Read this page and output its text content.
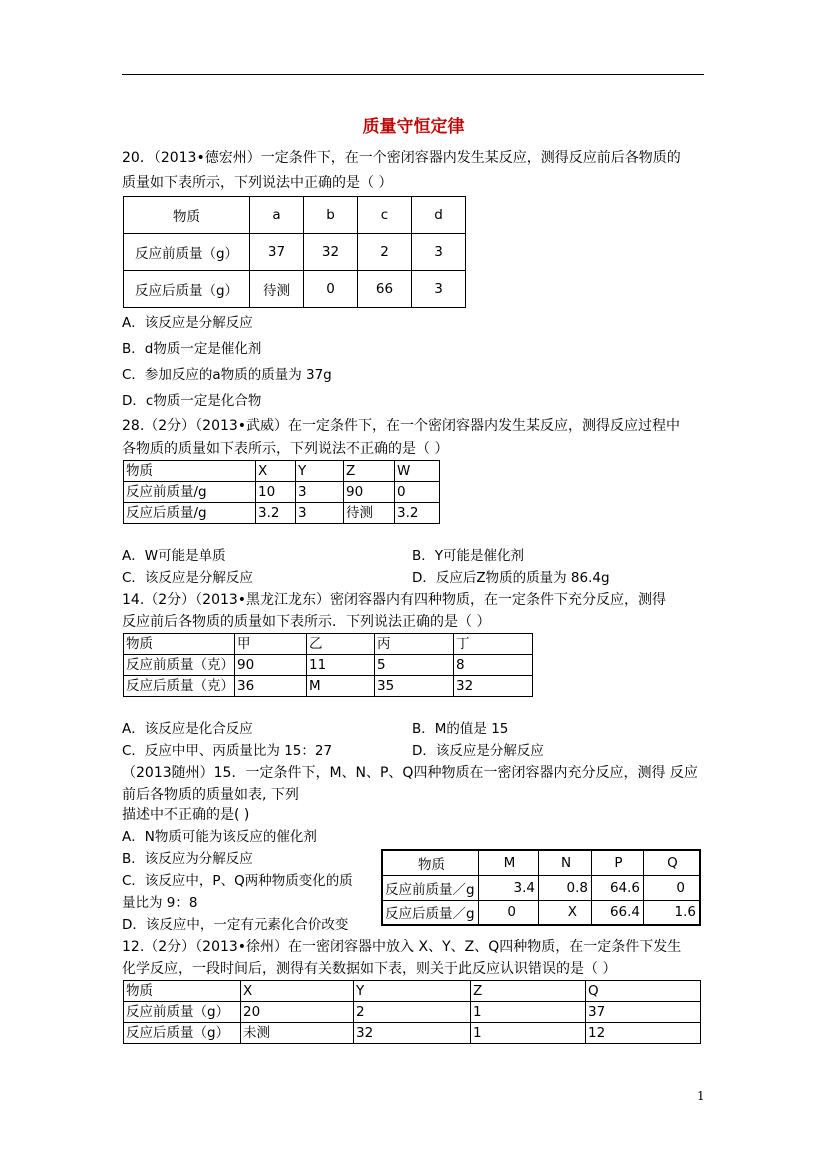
质量守恒定律
20．（2013•德宏州）一定条件下，在一个密闭容器内发生某反应，测得反应前后各物质的
质量如下表所示，下列说法中正确的是（ ）
物质	a	b	c	d
反应前质量（g）	37	32	2	3
反应后质量（g）	待测	0	66	3
A．该反应是分解反应
B．d物质一定是催化剂
C．参加反应的a物质的质量为 37g
D．c物质一定是化合物
28.（2分）（2013•武威）在一定条件下，在一个密闭容器内发生某反应，测得反应过程中
各物质的质量如下表所示，下列说法不正确的是（ ）
物质	X	Y	Z	W
反应前质量/g	10	3	90	0
反应后质量/g	3.2	3	待测	3.2
A．W可能是单质	B．Y可能是催化剂
C．该反应是分解反应	D．反应后Z物质的质量为 86.4g
14.（2分）（2013•黑龙江龙东）密闭容器内有四种物质，在一定条件下充分反应，测得
反应前后各物质的质量如下表所示．下列说法正确的是（ ）
物质	甲	乙	丙	丁
反应前质量（克）	90	11	5	8
反应后质量（克）	36	M	35	32
A．该反应是化合反应	B．M的值是 15
C．反应中甲、丙质量比为 15：27	D．该反应是分解反应
（2013随州）15．一定条件下，M、N、P、Q四种物质在一密闭容器内充分反应，测得 反应
前后各物质的质量如表, 下列
描述中不正确的是( )
A．N物质可能为该反应的催化剂
B．该反应为分解反应
C．该反应中，P、Q两种物质变化的质
量比为 9：8
D．该反应中，一定有元素化合价改变
物质	M	N	P	Q
反应前质量／g	3.4	0.8	64.6	0
反应后质量／g	0	X	66.4	1.6
12.（2分）（2013•徐州）在一密闭容器中放入 X、Y、Z、Q四种物质，在一定条件下发生
化学反应，一段时间后，测得有关数据如下表，则关于此反应认识错误的是（ ）
物质	X	Y	Z	Q
反应前质量（g）	20	2	1	37
反应后质量（g）	未测	32	1	12
1
